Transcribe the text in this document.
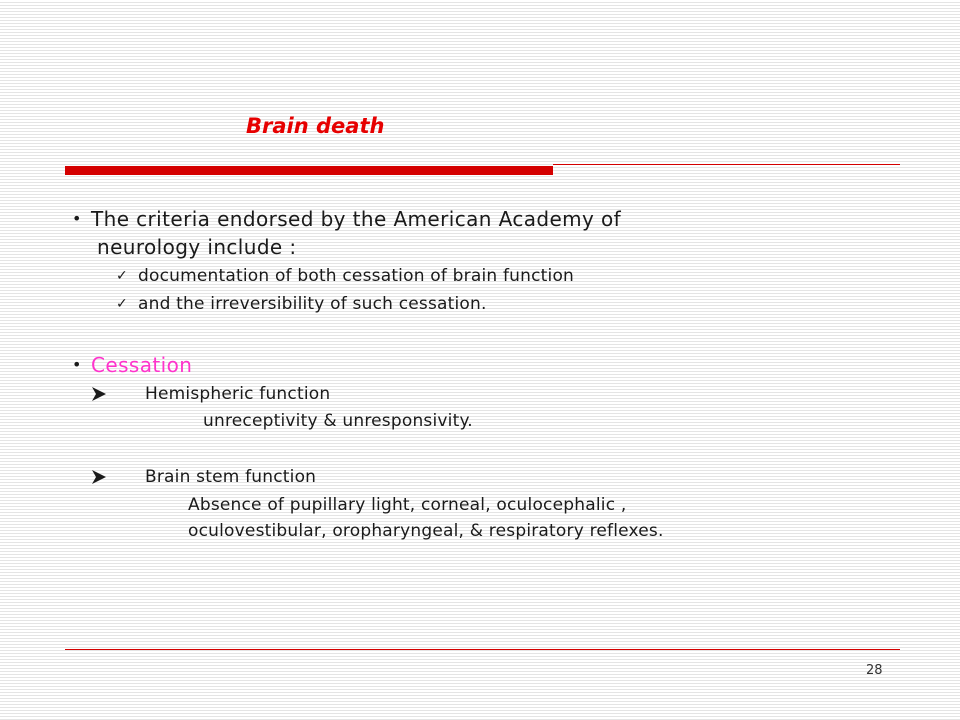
Brain death
• The criteria endorsed by the American Academy of
neurology include :
✓ documentation of both cessation of brain function
✓ and the irreversibility of such cessation.
• Cessation
Hemispheric function
unreceptivity & unresponsivity.
Brain stem function
Absence of pupillary light, corneal, oculocephalic ,
oculovestibular, oropharyngeal, & respiratory reflexes.
28
